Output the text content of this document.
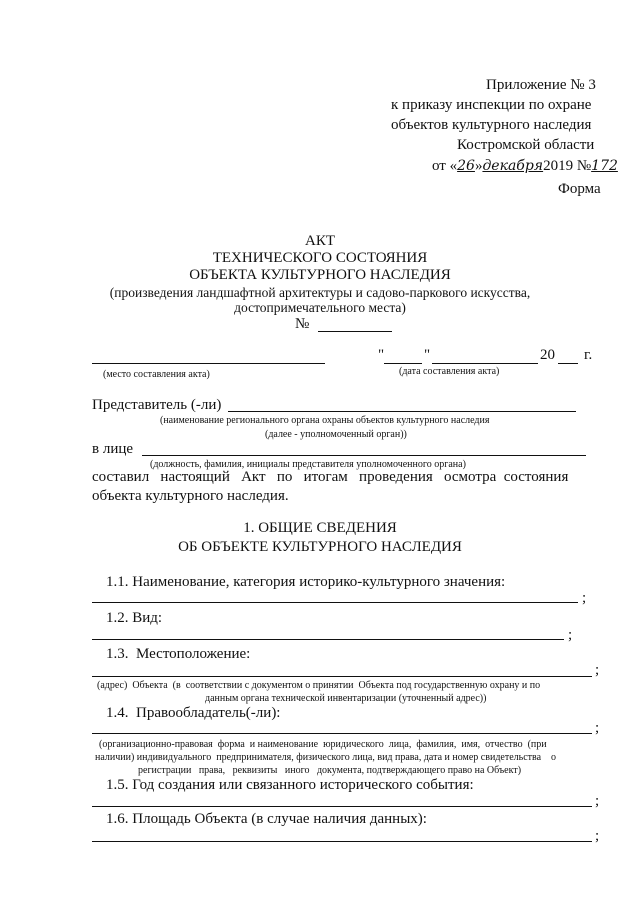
Приложение № 3
к приказу инспекции по охране
объектов культурного наследия
Костромской области
от «26»декабря2019 №172
Форма
АКТ
ТЕХНИЧЕСКОГО СОСТОЯНИЯ
ОБЪЕКТА КУЛЬТУРНОГО НАСЛЕДИЯ
(произведения ландшафтной архитектуры и садово-паркового искусства,
достопримечательного места)
№
"	"	20 г.
(место составления акта)	(дата составления акта)
Представитель (-ли)
(наименование регионального органа охраны объектов культурного наследия
(далее - уполномоченный орган))
в лице
(должность, фамилия, инициалы представителя уполномоченного органа)
составил   настоящий   Акт   по   итогам   проведения   осмотра  состояния
объекта культурного наследия.
1. ОБЩИЕ СВЕДЕНИЯ
ОБ ОБЪЕКТЕ КУЛЬТУРНОГО НАСЛЕДИЯ
1.1. Наименование, категория историко-культурного значения:
;
1.2. Вид:
;
1.3.  Местоположение:
;
(адрес)  Объекта  (в  соответствии с документом о принятии  Объекта под государственную охрану и по
данным органа технической инвентаризации (уточненный адрес))
1.4.  Правообладатель(-ли):
;
(организационно-правовая  форма  и наименование  юридического  лица,  фамилия,  имя,  отчество  (при
наличии) индивидуального  предпринимателя, физического лица, вид права, дата и номер свидетельства    о
регистрации   права,   реквизиты   иного   документа, подтверждающего право на Объект)
1.5. Год создания или связанного исторического события:
;
1.6. Площадь Объекта (в случае наличия данных):
;
